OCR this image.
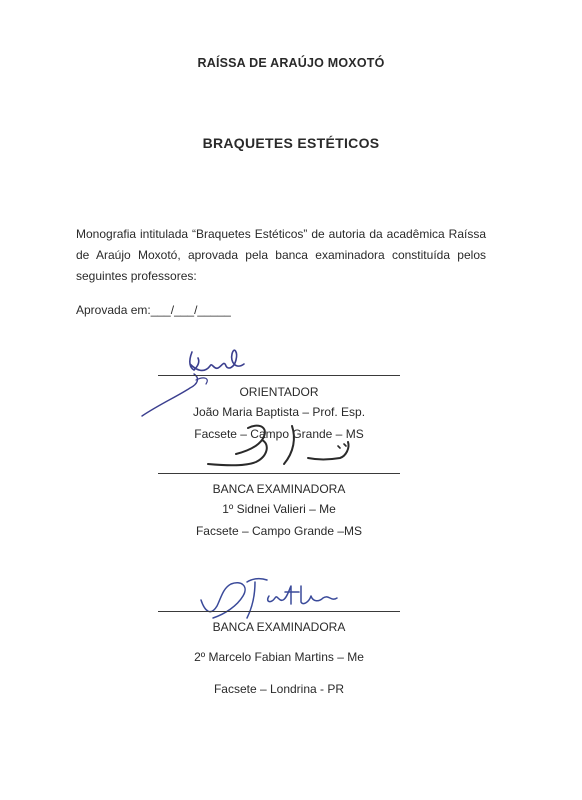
RAÍSSA DE ARAÚJO MOXOTÓ
BRAQUETES ESTÉTICOS
Monografia intitulada “Braquetes Estéticos” de autoria da acadêmica Raíssa de Araújo Moxotó, aprovada pela banca examinadora constituída pelos seguintes professores:
Aprovada em:___/___/_____
ORIENTADOR
João Maria Baptista – Prof. Esp.
Facsete – Campo Grande – MS
BANCA EXAMINADORA
1º Sidnei Valieri – Me
Facsete – Campo Grande –MS
BANCA EXAMINADORA
2º Marcelo Fabian Martins – Me
Facsete – Londrina - PR
